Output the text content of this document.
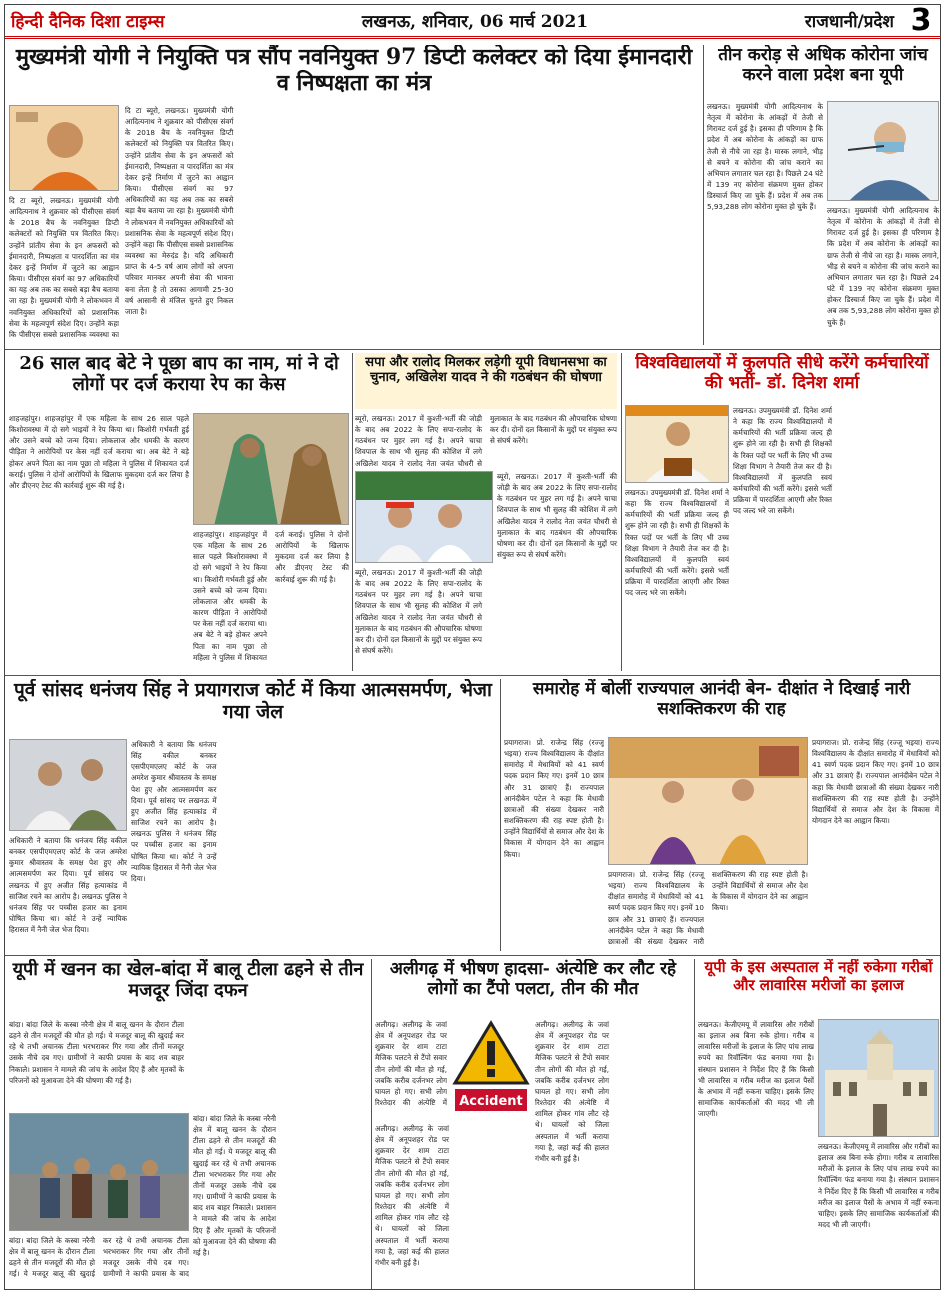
हिन्दी दैनिक दिशा टाइम्स	लखनऊ, शनिवार, 06 मार्च 2021	राजधानी/प्रदेश 3
मुख्यमंत्री योगी ने नियुक्ति पत्र सौंप नवनियुक्त 97 डिप्टी कलेक्टर को दिया ईमानदारी व निष्पक्षता का मंत्र
दि टा ब्यूरो, लखनऊ। मुख्यमंत्री योगी आदित्यनाथ ने शुक्रवार को पीसीएस संवर्ग के 2018 बैच के नवनियुक्त डिप्टी कलेक्टरों को नियुक्ति पत्र वितरित किए। उन्होंने प्रांतीय सेवा के इन अफसरों को ईमानदारी, निष्पक्षता व पारदर्शिता का मंत्र देकर इन्हें निर्माण में जुटने का आह्वान किया। पीसीएस संवर्ग का 97 अधिकारियों का यह अब तक का सबसे बड़ा बैच बताया जा रहा है। मुख्यमंत्री योगी ने लोकभवन में नवनियुक्त अधिकारियों को प्रशासनिक सेवा के महत्वपूर्ण संदेश दिए। उन्होंने कहा कि पीसीएस सबसे प्रशासनिक व्यवस्था का
दि टा ब्यूरो, लखनऊ। मुख्यमंत्री योगी आदित्यनाथ ने शुक्रवार को पीसीएस संवर्ग के 2018 बैच के नवनियुक्त डिप्टी कलेक्टरों को नियुक्ति पत्र वितरित किए। उन्होंने प्रांतीय सेवा के इन अफसरों को ईमानदारी, निष्पक्षता व पारदर्शिता का मंत्र देकर इन्हें निर्माण में जुटने का आह्वान किया। पीसीएस संवर्ग का 97 अधिकारियों का यह अब तक का सबसे बड़ा बैच बताया जा रहा है। मुख्यमंत्री योगी ने लोकभवन में नवनियुक्त अधिकारियों को प्रशासनिक सेवा के महत्वपूर्ण संदेश दिए। उन्होंने कहा कि पीसीएस सबसे प्रशासनिक व्यवस्था का मेरुदंड है। यदि अधिकारी प्राप्त के 4-5 वर्ष आम लोगों को अपना परिवार मानकर अपनी सेवा की भावना बना लेता है तो उसका आगामी 25-30 वर्ष आसानी से मंजिल चुनते हुए निकल जाता है।
तीन करोड़ से अधिक कोरोना जांच करने वाला प्रदेश बना यूपी
लखनऊ। मुख्यमंत्री योगी आदित्यनाथ के नेतृत्व में कोरोना के आंकड़ों में तेजी से गिरावट दर्ज हुई है। इसका ही परिणाम है कि प्रदेश में अब कोरोना के आंकड़ों का ग्राफ तेजी से नीचे जा रहा है। मास्क लगाने, भीड़ से बचने व कोरोना की जांच कराने का अभियान लगातार चल रहा है। पिछले 24 घंटे में 139 नए कोरोना संक्रमण मुक्त होकर डिस्चार्ज किए जा चुके हैं। प्रदेश में अब तक 5,93,288 लोग कोरोना मुक्त हो चुके हैं।	लखनऊ। मुख्यमंत्री योगी आदित्यनाथ के नेतृत्व में कोरोना के आंकड़ों में तेजी से गिरावट दर्ज हुई है। इसका ही परिणाम है कि प्रदेश में अब कोरोना के आंकड़ों का ग्राफ तेजी से नीचे जा रहा है। मास्क लगाने, भीड़ से बचने व कोरोना की जांच कराने का अभियान लगातार चल रहा है। पिछले 24 घंटे में 139 नए कोरोना संक्रमण मुक्त होकर डिस्चार्ज किए जा चुके हैं। प्रदेश में अब तक 5,93,288 लोग कोरोना मुक्त हो चुके हैं।
26 साल बाद बेटे ने पूछा बाप का नाम, मां ने दो लोगों पर दर्ज कराया रेप का केस
शाहजहांपुर। शाहजहांपुर में एक महिला के साथ 26 साल पहले किशोरावस्था में दो सगे भाइयों ने रेप किया था। किशोरी गर्भवती हुई और उसने बच्चे को जन्म दिया। लोकलाज और धमकी के कारण पीड़िता ने आरोपियों पर केस नहीं दर्ज कराया था। अब बेटे ने बड़े होकर अपने पिता का नाम पूछा तो महिला ने पुलिस में शिकायत दर्ज कराई। पुलिस ने दोनों आरोपियों के खिलाफ मुकदमा दर्ज कर लिया है और डीएनए टेस्ट की कार्रवाई शुरू की गई है।
शाहजहांपुर। शाहजहांपुर में एक महिला के साथ 26 साल पहले किशोरावस्था में दो सगे भाइयों ने रेप किया था। किशोरी गर्भवती हुई और उसने बच्चे को जन्म दिया। लोकलाज और धमकी के कारण पीड़िता ने आरोपियों पर केस नहीं दर्ज कराया था। अब बेटे ने बड़े होकर अपने पिता का नाम पूछा तो महिला ने पुलिस में शिकायत दर्ज कराई। पुलिस ने दोनों आरोपियों के खिलाफ मुकदमा दर्ज कर लिया है और डीएनए टेस्ट की कार्रवाई शुरू की गई है।
सपा और रालोद मिलकर लड़ेगी यूपी विधानसभा का चुनाव, अखिलेश यादव ने की गठबंधन की घोषणा
ब्यूरो, लखनऊ। 2017 में कुश्ती-भर्ती की जोड़ी के बाद अब 2022 के लिए सपा-रालोद के गठबंधन पर मुहर लग गई है। अपने चाचा शिवपाल के साथ भी सुलह की कोशिश में लगे अखिलेश यादव ने रालोद नेता जयंत चौधरी से मुलाकात के बाद गठबंधन की औपचारिक घोषणा कर दी। दोनों दल किसानों के मुद्दों पर संयुक्त रूप से संघर्ष करेंगे।
ब्यूरो, लखनऊ। 2017 में कुश्ती-भर्ती की जोड़ी के बाद अब 2022 के लिए सपा-रालोद के गठबंधन पर मुहर लग गई है। अपने चाचा शिवपाल के साथ भी सुलह की कोशिश में लगे अखिलेश यादव ने रालोद नेता जयंत चौधरी से मुलाकात के बाद गठबंधन की औपचारिक घोषणा कर दी। दोनों दल किसानों के मुद्दों पर संयुक्त रूप से संघर्ष करेंगे।
ब्यूरो, लखनऊ। 2017 में कुश्ती-भर्ती की जोड़ी के बाद अब 2022 के लिए सपा-रालोद के गठबंधन पर मुहर लग गई है। अपने चाचा शिवपाल के साथ भी सुलह की कोशिश में लगे अखिलेश यादव ने रालोद नेता जयंत चौधरी से मुलाकात के बाद गठबंधन की औपचारिक घोषणा कर दी। दोनों दल किसानों के मुद्दों पर संयुक्त रूप से संघर्ष करेंगे।
विश्वविद्यालयों में कुलपति सीधे करेंगे कर्मचारियों की भर्ती- डॉ. दिनेश शर्मा
लखनऊ। उपमुख्यमंत्री डॉ. दिनेश शर्मा ने कहा कि राज्य विश्वविद्यालयों में कर्मचारियों की भर्ती प्रक्रिया जल्द ही शुरू होने जा रही है। सभी ही शिक्षकों के रिक्त पदों पर भर्ती के लिए भी उच्च शिक्षा विभाग ने तैयारी तेज कर दी है। विश्वविद्यालयों में कुलपति स्वयं कर्मचारियों की भर्ती करेंगे। इससे भर्ती प्रक्रिया में पारदर्शिता आएगी और रिक्त पद जल्द भरे जा सकेंगे।
लखनऊ। उपमुख्यमंत्री डॉ. दिनेश शर्मा ने कहा कि राज्य विश्वविद्यालयों में कर्मचारियों की भर्ती प्रक्रिया जल्द ही शुरू होने जा रही है। सभी ही शिक्षकों के रिक्त पदों पर भर्ती के लिए भी उच्च शिक्षा विभाग ने तैयारी तेज कर दी है। विश्वविद्यालयों में कुलपति स्वयं कर्मचारियों की भर्ती करेंगे। इससे भर्ती प्रक्रिया में पारदर्शिता आएगी और रिक्त पद जल्द भरे जा सकेंगे।
पूर्व सांसद धनंजय सिंह ने प्रयागराज कोर्ट में किया आत्मसमर्पण, भेजा गया जेल
अधिकारी ने बताया कि धनंजय सिंह वकील बनकर एसपीएमएलए कोर्ट के जज अमरेश कुमार श्रीवास्तव के समक्ष पेश हुए और आत्मसमर्पण कर दिया। पूर्व सांसद पर लखनऊ में हुए अजीत सिंह हत्याकांड में साजिश रचने का आरोप है। लखनऊ पुलिस ने धनंजय सिंह पर पच्चीस हजार का इनाम घोषित किया था। कोर्ट ने उन्हें न्यायिक हिरासत में नैनी जेल भेज दिया।
अधिकारी ने बताया कि धनंजय सिंह वकील बनकर एसपीएमएलए कोर्ट के जज अमरेश कुमार श्रीवास्तव के समक्ष पेश हुए और आत्मसमर्पण कर दिया। पूर्व सांसद पर लखनऊ में हुए अजीत सिंह हत्याकांड में साजिश रचने का आरोप है। लखनऊ पुलिस ने धनंजय सिंह पर पच्चीस हजार का इनाम घोषित किया था। कोर्ट ने उन्हें न्यायिक हिरासत में नैनी जेल भेज दिया।
समारोह में बोलीं राज्यपाल आनंदी बेन- दीक्षांत ने दिखाई नारी सशक्तिकरण की राह
प्रयागराज। प्रो. राजेन्द्र सिंह (रज्जू भइया) राज्य विश्वविद्यालय के दीक्षांत समारोह में मेधावियों को 41 स्वर्ण पदक प्रदान किए गए। इनमें 10 छात्र और 31 छात्राएं हैं। राज्यपाल आनंदीबेन पटेल ने कहा कि मेधावी छात्राओं की संख्या देखकर नारी सशक्तिकरण की राह स्पष्ट होती है। उन्होंने विद्यार्थियों से समाज और देश के विकास में योगदान देने का आह्वान किया।
प्रयागराज। प्रो. राजेन्द्र सिंह (रज्जू भइया) राज्य विश्वविद्यालय के दीक्षांत समारोह में मेधावियों को 41 स्वर्ण पदक प्रदान किए गए। इनमें 10 छात्र और 31 छात्राएं हैं। राज्यपाल आनंदीबेन पटेल ने कहा कि मेधावी छात्राओं की संख्या देखकर नारी सशक्तिकरण की राह स्पष्ट होती है। उन्होंने विद्यार्थियों से समाज और देश के विकास में योगदान देने का आह्वान किया।
प्रयागराज। प्रो. राजेन्द्र सिंह (रज्जू भइया) राज्य विश्वविद्यालय के दीक्षांत समारोह में मेधावियों को 41 स्वर्ण पदक प्रदान किए गए। इनमें 10 छात्र और 31 छात्राएं हैं। राज्यपाल आनंदीबेन पटेल ने कहा कि मेधावी छात्राओं की संख्या देखकर नारी सशक्तिकरण की राह स्पष्ट होती है। उन्होंने विद्यार्थियों से समाज और देश के विकास में योगदान देने का आह्वान किया।
यूपी में खनन का खेल-बांदा में बालू टीला ढहने से तीन मजदूर जिंदा दफन
बांदा। बांदा जिले के कस्बा नरैनी क्षेत्र में बालू खनन के दौरान टीला ढहने से तीन मजदूरों की मौत हो गई। ये मजदूर बालू की खुदाई कर रहे थे तभी अचानक टीला भरभराकर गिर गया और तीनों मजदूर उसके नीचे दब गए। ग्रामीणों ने काफी प्रयास के बाद शव बाहर निकाले। प्रशासन ने मामले की जांच के आदेश दिए हैं और मृतकों के परिजनों को मुआवजा देने की घोषणा की गई है।
बांदा। बांदा जिले के कस्बा नरैनी क्षेत्र में बालू खनन के दौरान टीला ढहने से तीन मजदूरों की मौत हो गई। ये मजदूर बालू की खुदाई कर रहे थे तभी अचानक टीला भरभराकर गिर गया और तीनों मजदूर उसके नीचे दब गए। ग्रामीणों ने काफी प्रयास के बाद शव बाहर निकाले। प्रशासन ने मामले की जांच के आदेश दिए हैं और मृतकों के परिजनों को मुआवजा देने की घोषणा की गई है।
बांदा। बांदा जिले के कस्बा नरैनी क्षेत्र में बालू खनन के दौरान टीला ढहने से तीन मजदूरों की मौत हो गई। ये मजदूर बालू की खुदाई कर रहे थे तभी अचानक टीला भरभराकर गिर गया और तीनों मजदूर उसके नीचे दब गए। ग्रामीणों ने काफी प्रयास के बाद
अलीगढ़ में भीषण हादसा- अंत्येष्टि कर लौट रहे लोगों का टैंपो पलटा, तीन की मौत
अलीगढ़। अलीगढ़ के जवां क्षेत्र में अनूपशहर रोड पर शुक्रवार देर शाम टाटा मैजिक पलटने से टैंपो सवार तीन लोगों की मौत हो गई, जबकि करीब दर्जनभर लोग घायल हो गए। सभी लोग रिश्तेदार की अंत्येष्टि में Accident
अलीगढ़। अलीगढ़ के जवां क्षेत्र में अनूपशहर रोड पर शुक्रवार देर शाम टाटा मैजिक पलटने से टैंपो सवार तीन लोगों की मौत हो गई, जबकि करीब दर्जनभर लोग घायल हो गए। सभी लोग रिश्तेदार की अंत्येष्टि में शामिल होकर गांव लौट रहे थे। घायलों को जिला अस्पताल में भर्ती कराया गया है, जहां कई की हालत गंभीर बनी हुई है।
अलीगढ़। अलीगढ़ के जवां क्षेत्र में अनूपशहर रोड पर शुक्रवार देर शाम टाटा मैजिक पलटने से टैंपो सवार तीन लोगों की मौत हो गई, जबकि करीब दर्जनभर लोग घायल हो गए। सभी लोग रिश्तेदार की अंत्येष्टि में शामिल होकर गांव लौट रहे थे। घायलों को जिला अस्पताल में भर्ती कराया गया है, जहां कई की हालत गंभीर बनी हुई है।
यूपी के इस अस्पताल में नहीं रुकेगा गरीबों और लावारिस मरीजों का इलाज
लखनऊ। केजीएमयू में लावारिस और गरीबों का इलाज अब बिना रुके होगा। गरीब व लावारिस मरीजों के इलाज के लिए पांच लाख रुपये का रिवॉल्विंग फंड बनाया गया है। संस्थान प्रशासन ने निर्देश दिए हैं कि किसी भी लावारिस व गरीब मरीज का इलाज पैसों के अभाव में नहीं रुकना चाहिए। इसके लिए सामाजिक कार्यकर्ताओं की मदद भी ली जाएगी।
लखनऊ। केजीएमयू में लावारिस और गरीबों का इलाज अब बिना रुके होगा। गरीब व लावारिस मरीजों के इलाज के लिए पांच लाख रुपये का रिवॉल्विंग फंड बनाया गया है। संस्थान प्रशासन ने निर्देश दिए हैं कि किसी भी लावारिस व गरीब मरीज का इलाज पैसों के अभाव में नहीं रुकना चाहिए। इसके लिए सामाजिक कार्यकर्ताओं की मदद भी ली जाएगी।
